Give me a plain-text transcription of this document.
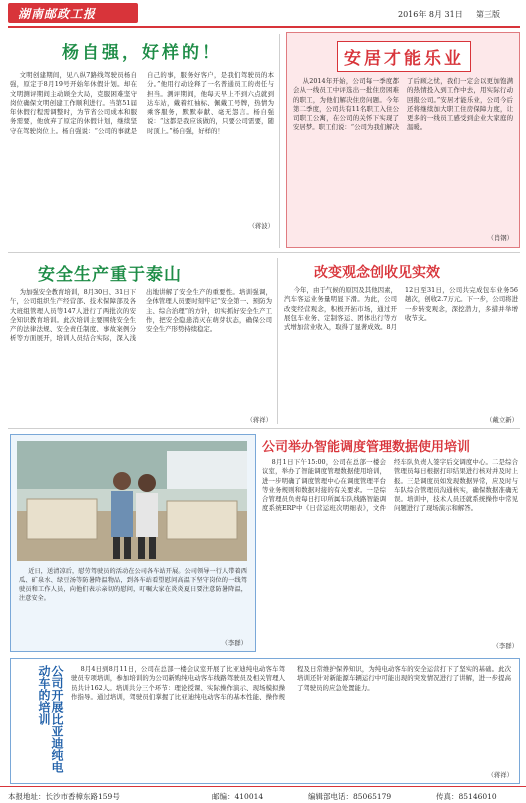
湖南邮政工报	2016年 8月 31日 第三版
杨自强，好样的！
文明创建期间，见八纵7路线驾驶员杨自强，原定于8月19号开始年休假计划。却在文明测评期间主动顾全大局，克服困难坚守岗位确保文明创建工作顺利进行。当第51届年休假行程需调整时，为节省公司成本和服务需要，他放弃了原定的休假计划，继续坚守在驾驶岗位上。杨自强说：“公司的事就是自己的事，服务好客户，是我们驾驶员的本分。”他用行动诠释了一名普通员工的责任与担当。测评期间，他每天早上不到六点就到达车站，戴着红袖标、佩戴工号牌，热情为乘客服务，默默奉献、毫无怨言。杨自强说：“这都是我应该做的，只要公司需要，随时顶上。”杨自强，好样的！
（蒋波）
安居才能乐业
从2014年开始，公司每一季度都会从一线员工中评选出一批住房困难的职工，为他们解决住房问题。今年第二季度，公司共有11名职工入住公司职工公寓，在公司的关怀下实现了安居梦。职工们说：“公司为我们解决了后顾之忧，我们一定会以更加饱满的热情投入到工作中去，用实际行动回报公司。”安居才能乐业，公司今后还将继续加大职工住房保障力度，让更多的一线员工感受到企业大家庭的温暖。
（肖钢）
安全生产重于泰山
为加强安全教育培训，8月30日、31日下午，公司组织生产经营部、技术保障部及各大班组管理人员等147人进行了两批次的安全知识教育培训。此次培训主要围绕安全生产的法律法规、安全责任制度、事故案例分析等方面展开，培训人员结合实际，深入浅出地讲解了安全生产的重要性。培训强调，全体管理人员要时刻牢记“安全第一、预防为主、综合治理”的方针，切实抓好安全生产工作，把安全隐患消灭在萌芽状态，确保公司安全生产形势持续稳定。
（蒋祥）
改变观念创收见实效
今年，由于气候的原因及其他因素，汽车客运业务量明显下滑。为此，公司改变经营观念，积极开拓市场，通过开展包车业务、定制客运、团体出行等方式增加营业收入，取得了显著成效。8月12日至31日，公司共完成包车业务56趟次，创收2.7万元。下一步，公司将进一步转变观念，深挖潜力，多措并举增收节支。
（戴立新）
近日，送清凉后，慰劳驾驶员的活动在公司各车站开展。公司领导一行人带着西瓜、矿泉水、绿豆汤等防暑降温物品，到各车站看望慰问高温下坚守岗位的一线驾驶员和工作人员，向他们表示亲切的慰问，叮嘱大家在炎炎夏日要注意防暑降温，注意安全。
（李群）
公司举办智能调度管理数据使用培训
8月1日下午15:00，公司在总部一楼会议室，举办了智能调度管理数据使用培训，进一步明确了调度管理中心在调度管理平台等业务规则和数据对接的有关要求。一是综合管理员负责每日打印所属车队线路智能调度系统ERP中《日营运班次明细表》，文件经车队负责人签字后交调度中心。二是综合管理员每日根据打印结果进行核对并及时上报。三是调度员如发现数据异常，应及时与车队综合管理员沟通核实，确保数据准确无误。培训中，技术人员还就系统操作中常见问题进行了现场演示和解答。
（李群）
公司开展比亚迪纯电动车的培训	8月4日到8月11日，公司在总部一楼会议室开展了比亚迪纯电动客车驾驶员专项培训，参加培训的为公司新购纯电动客车线路驾驶员及相关管理人员共计162人。培训共分三个环节：理论授课、实际操作演示、现场模拟操作指导。通过培训，驾驶员们掌握了比亚迪纯电动客车的基本性能、操作规程及日常维护保养知识，为纯电动客车的安全运营打下了坚实的基础。此次培训还针对新能源车辆运行中可能出现的突发情况进行了讲解，进一步提高了驾驶员的应急处置能力。
（蒋祥）
本报地址：长沙市香樟东路159号	邮编：410014	编辑部电话：85065179	传真：85146010
